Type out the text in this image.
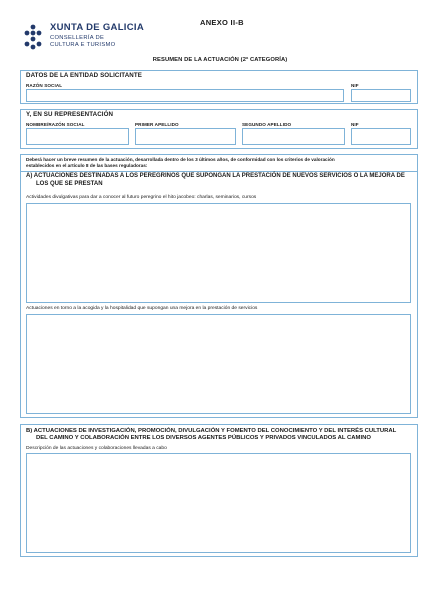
XUNTA DE GALICIA
CONSELLERÍA DE
CULTURA E TURISMO
ANEXO II-B
RESUMEN DE LA ACTUACIÓN (2ª CATEGORÍA)
DATOS DE LA ENTIDAD SOLICITANTE
RAZÓN SOCIAL	NIF
Y, EN SU REPRESENTACIÓN
NOMBRE/RAZÓN SOCIAL	PRIMER APELLIDO	SEGUNDO APELLIDO	NIF
Deberá hacer un breve resumen de la actuación, desarrollada dentro de los 3 últimos años, de conformidad con los criterios de valoración
establecidos en el artículo 8 de las bases reguladoras:
A) ACTUACIONES DESTINADAS A LOS PEREGRINOS QUE SUPONGAN LA PRESTACIÓN DE NUEVOS SERVICIOS O LA MEJORA DE
LOS QUE SE PRESTAN
Actividades divulgativas para dar a conocer al futuro peregrino el hito jacobeo: charlas, seminarios, cursos
Actuaciones en torno a la acogida y la hospitalidad que supongan una mejora en la prestación de servicios
B) ACTUACIONES DE INVESTIGACIÓN, PROMOCIÓN, DIVULGACIÓN Y FOMENTO DEL CONOCIMIENTO Y DEL INTERÉS CULTURAL
DEL CAMINO Y COLABORACIÓN ENTRE LOS DIVERSOS AGENTES PÚBLICOS Y PRIVADOS VINCULADOS AL CAMINO
Descripción de las actuaciones y colaboraciones llevadas a cabo
